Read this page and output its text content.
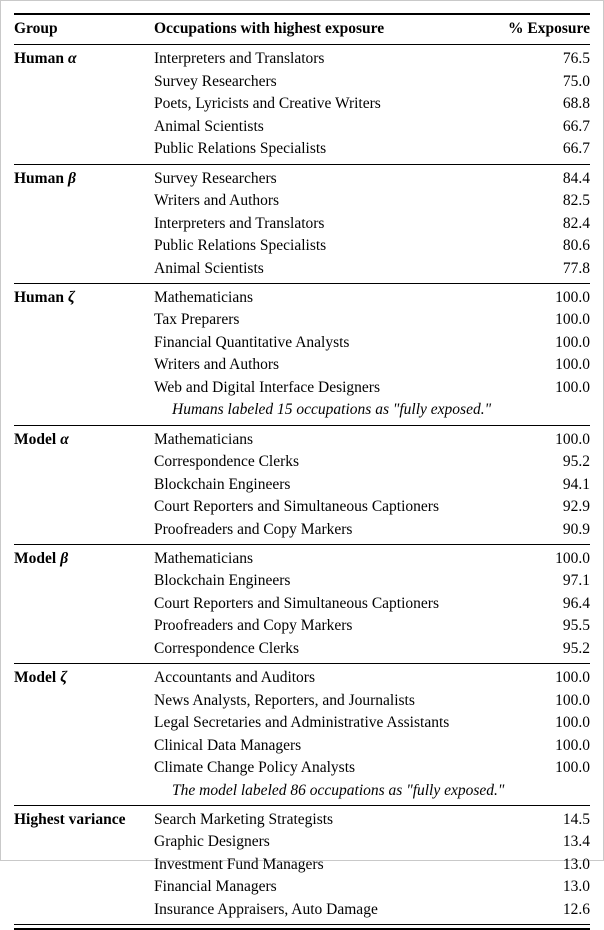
Group	Occupations with highest exposure	% Exposure
Human α	Interpreters and Translators	76.5
	Survey Researchers	75.0
	Poets, Lyricists and Creative Writers	68.8
	Animal Scientists	66.7
	Public Relations Specialists	66.7
Human β	Survey Researchers	84.4
	Writers and Authors	82.5
	Interpreters and Translators	82.4
	Public Relations Specialists	80.6
	Animal Scientists	77.8
Human ζ	Mathematicians	100.0
	Tax Preparers	100.0
	Financial Quantitative Analysts	100.0
	Writers and Authors	100.0
	Web and Digital Interface Designers	100.0
	Humans labeled 15 occupations as "fully exposed."	
Model α	Mathematicians	100.0
	Correspondence Clerks	95.2
	Blockchain Engineers	94.1
	Court Reporters and Simultaneous Captioners	92.9
	Proofreaders and Copy Markers	90.9
Model β	Mathematicians	100.0
	Blockchain Engineers	97.1
	Court Reporters and Simultaneous Captioners	96.4
	Proofreaders and Copy Markers	95.5
	Correspondence Clerks	95.2
Model ζ	Accountants and Auditors	100.0
	News Analysts, Reporters, and Journalists	100.0
	Legal Secretaries and Administrative Assistants	100.0
	Clinical Data Managers	100.0
	Climate Change Policy Analysts	100.0
	The model labeled 86 occupations as "fully exposed."	
Highest variance	Search Marketing Strategists	14.5
	Graphic Designers	13.4
	Investment Fund Managers	13.0
	Financial Managers	13.0
	Insurance Appraisers, Auto Damage	12.6
